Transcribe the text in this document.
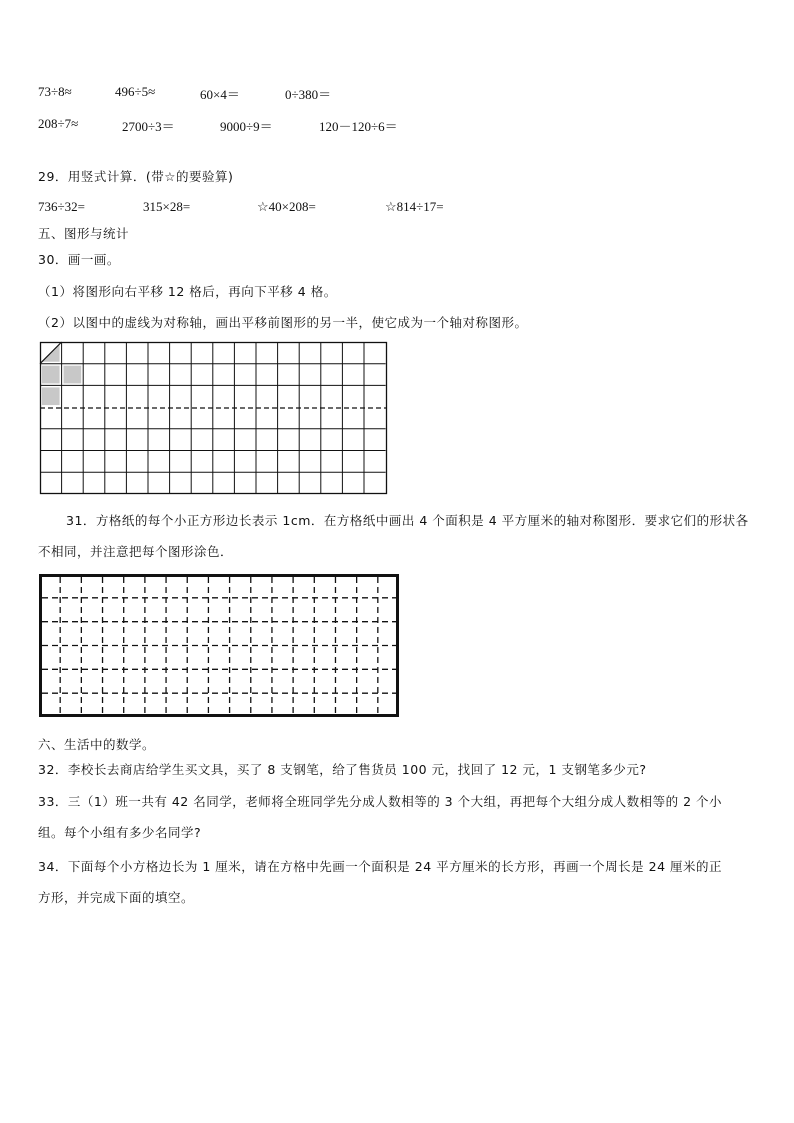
73÷8≈	496÷5≈	60×4＝	0÷380＝
208÷7≈	2700÷3＝	9000÷9＝	120－120÷6＝
29．用竖式计算．(带☆的要验算)
736÷32=	315×28=	☆40×208=	☆814÷17=
五、图形与统计
30．画一画。
（1）将图形向右平移 12 格后，再向下平移 4 格。
（2）以图中的虚线为对称轴，画出平移前图形的另一半，使它成为一个轴对称图形。
31．方格纸的每个小正方形边长表示 1cm．在方格纸中画出 4 个面积是 4 平方厘米的轴对称图形．要求它们的形状各
不相同，并注意把每个图形涂色．
六、生活中的数学。
32．李校长去商店给学生买文具，买了 8 支钢笔，给了售货员 100 元，找回了 12 元，1 支钢笔多少元?
33．三（1）班一共有 42 名同学，老师将全班同学先分成人数相等的 3 个大组，再把每个大组分成人数相等的 2 个小
组。每个小组有多少名同学?
34．下面每个小方格边长为 1 厘米，请在方格中先画一个面积是 24 平方厘米的长方形，再画一个周长是 24 厘米的正
方形，并完成下面的填空。
